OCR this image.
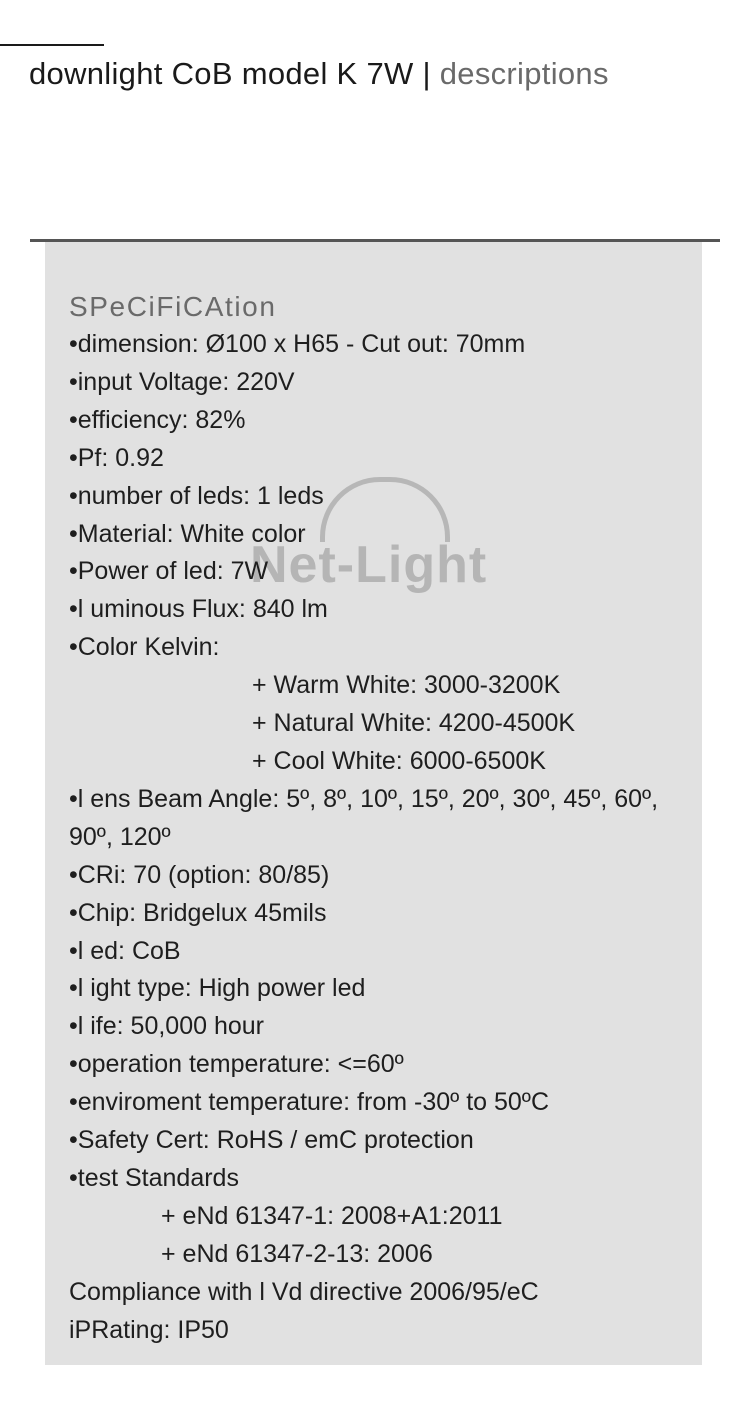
downlight CoB model K 7W | descriptions
Net-Light
SPeCiFiCAtion
•dimension: Ø100 x H65 - Cut out: 70mm
•input Voltage: 220V
•efficiency: 82%
•Pf: 0.92
•number of leds: 1 leds
•Material: White color
•Power of led: 7W
•l uminous Flux: 840 lm
•Color Kelvin:
+ Warm White: 3000-3200K
+ Natural White: 4200-4500K
+ Cool White: 6000-6500K
•l ens Beam Angle: 5º, 8º, 10º, 15º, 20º, 30º, 45º, 60º, 90º, 120º
•CRi: 70 (option: 80/85)
•Chip: Bridgelux 45mils
•l ed: CoB
•l ight type: High power led
•l ife: 50,000 hour
•operation temperature: <=60º
•enviroment temperature: from -30º to 50ºC
•Safety Cert: RoHS / emC protection
•test Standards
+ eNd 61347-1: 2008+A1:2011
+ eNd 61347-2-13: 2006
Compliance with l Vd directive 2006/95/eC
iPRating: IP50
